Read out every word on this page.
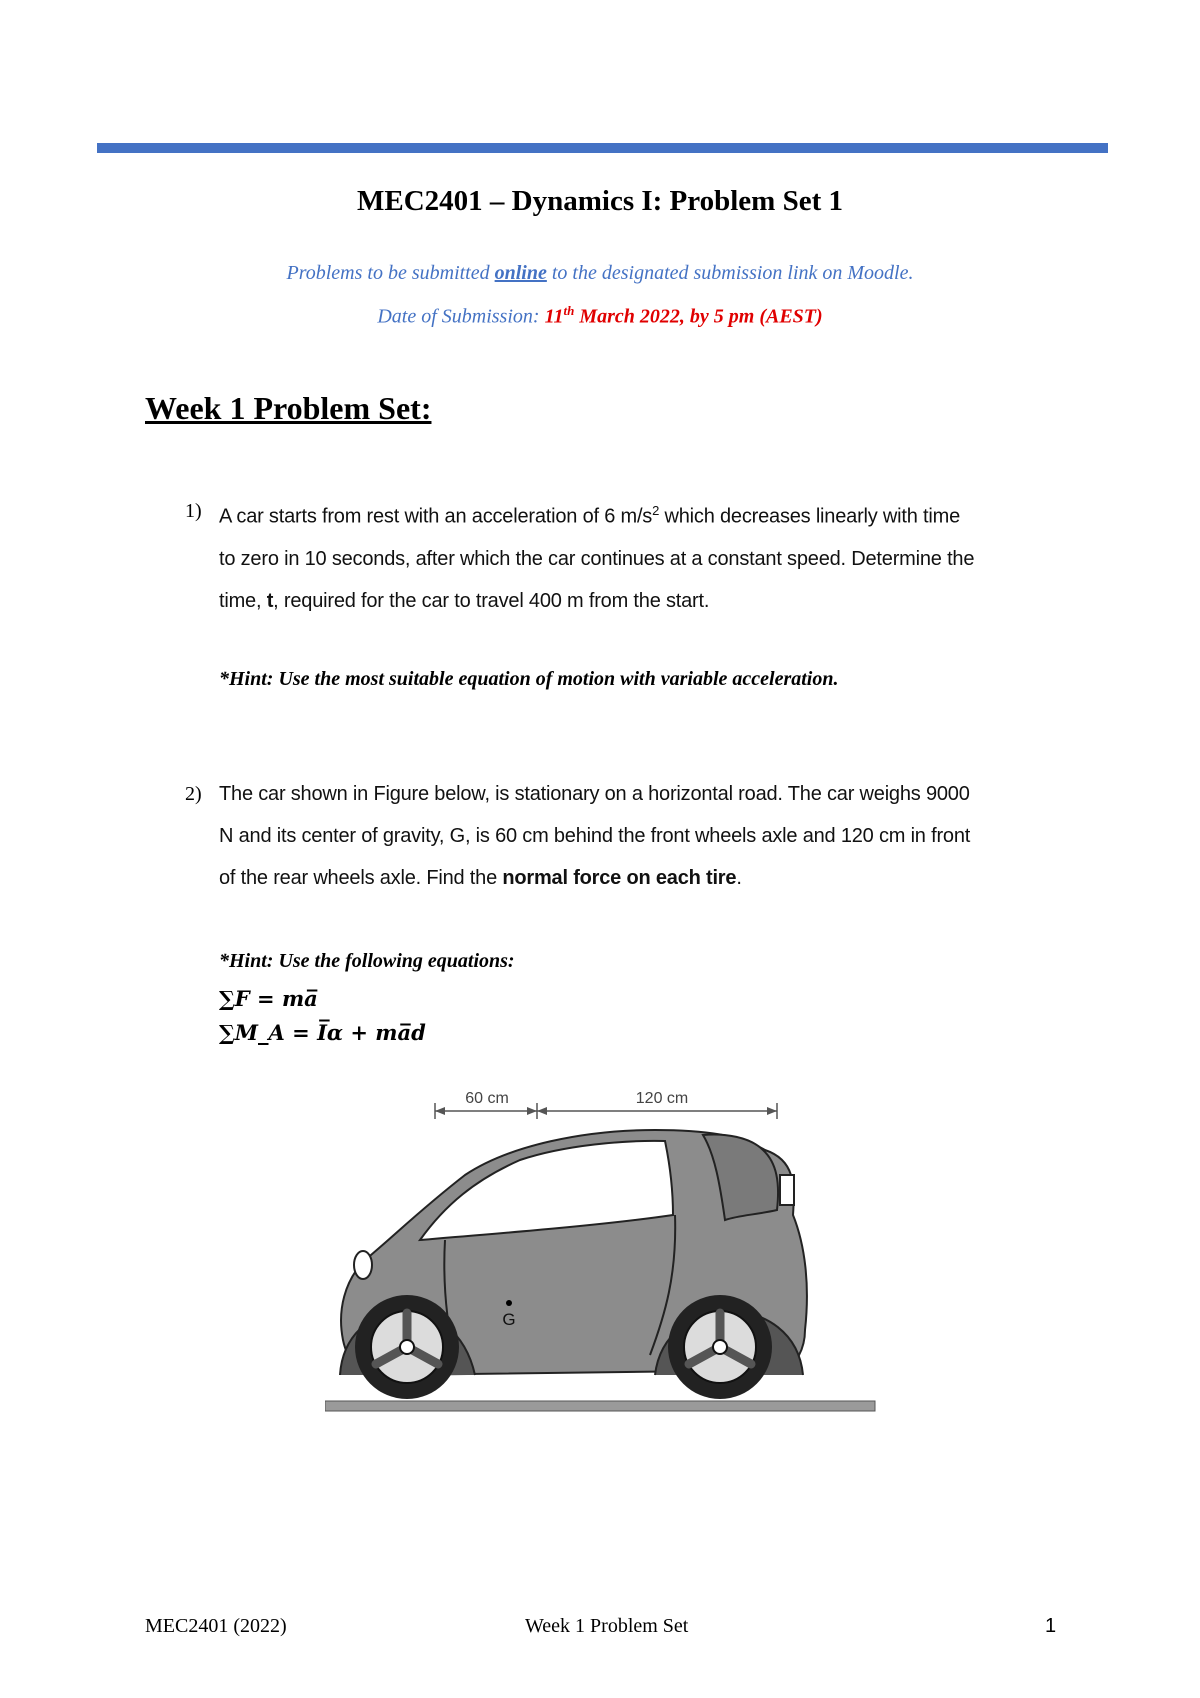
MEC2401 – Dynamics I: Problem Set 1
Problems to be submitted online to the designated submission link on Moodle.
Date of Submission: 11th March 2022, by 5 pm (AEST)
Week 1 Problem Set:
1) A car starts from rest with an acceleration of 6 $m/s^2$ which decreases linearly with time
to zero in 10 seconds, after which the car continues at a constant speed. Determine the
time, t, required for the car to travel 400 m from the start.
*Hint: Use the most suitable equation of motion with variable acceleration.
2) The car shown in Figure below, is stationary on a horizontal road. The car weighs 9000
N and its center of gravity, G, is 60 cm behind the front wheels axle and 120 cm in front
of the rear wheels axle. Find the normal force on each tire.
*Hint: Use the following equations:
∑F = ma̅
∑M_A = I̅α + ma̅d
60 cm	120 cm
G
MEC2401 (2022)	Week 1 Problem Set	1
